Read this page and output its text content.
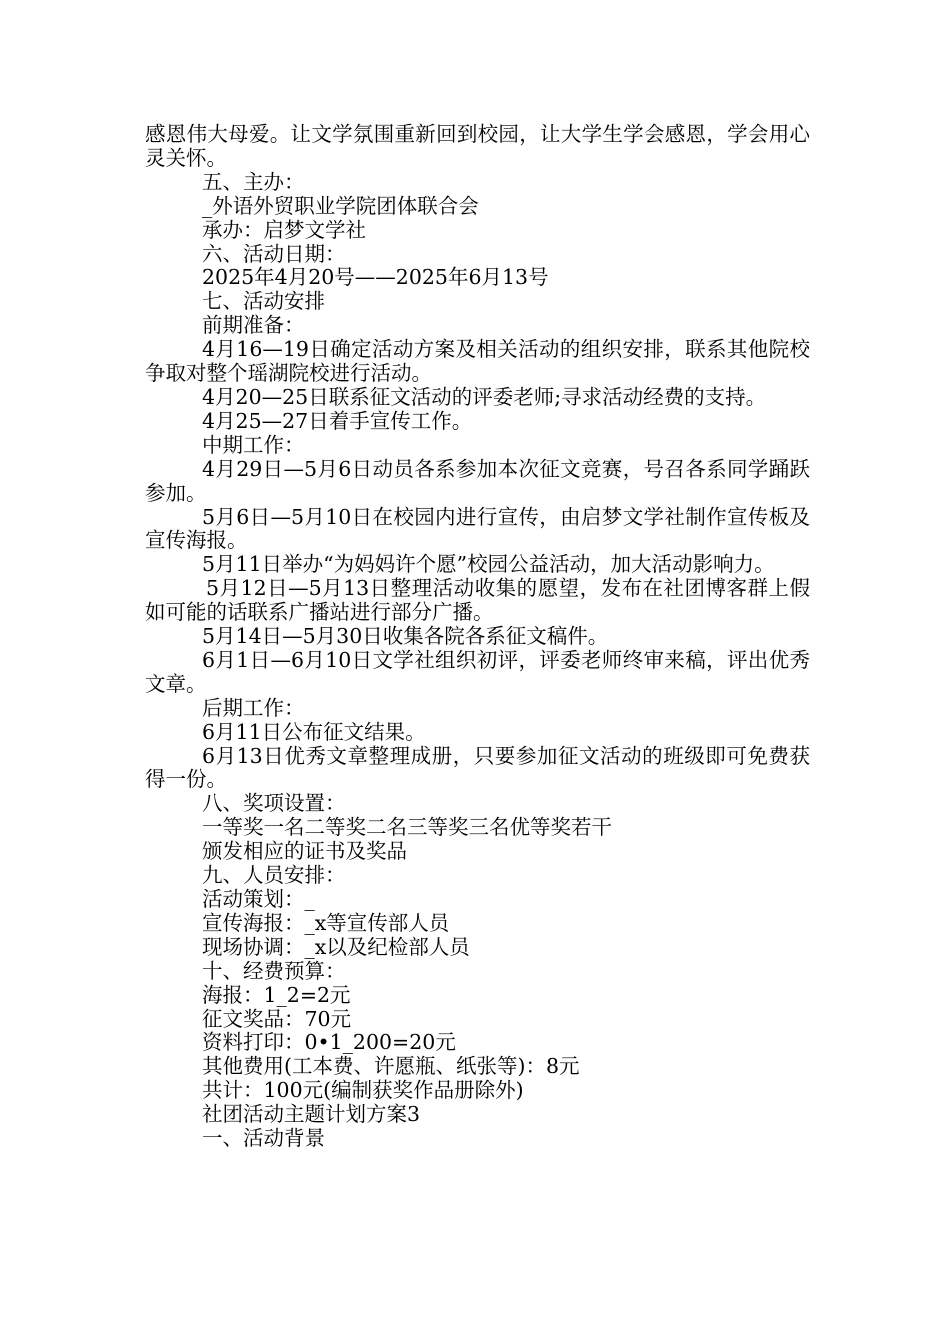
感恩伟大母爱。让文学氛围重新回到校园，让大学生学会感恩，学会用心灵关怀。

五、主办：

_外语外贸职业学院团体联合会

承办：启梦文学社

六、活动日期：

2025年4月20号——2025年6月13号

七、活动安排

前期准备：

4月16—19日确定活动方案及相关活动的组织安排，联系其他院校争取对整个瑶湖院校进行活动。

4月20—25日联系征文活动的评委老师;寻求活动经费的支持。

4月25—27日着手宣传工作。

中期工作：

4月29日—5月6日动员各系参加本次征文竞赛，号召各系同学踊跃参加。

5月6日—5月10日在校园内进行宣传，由启梦文学社制作宣传板及宣传海报。

5月11日举办“为妈妈许个愿”校园公益活动，加大活动影响力。

5月12日—5月13日整理活动收集的愿望，发布在社团博客群上假如可能的话联系广播站进行部分广播。

5月14日—5月30日收集各院各系征文稿件。

6月1日—6月10日文学社组织初评，评委老师终审来稿，评出优秀文章。

后期工作：

6月11日公布征文结果。

6月13日优秀文章整理成册，只要参加征文活动的班级即可免费获得一份。

八、奖项设置：

一等奖一名二等奖二名三等奖三名优等奖若干

颁发相应的证书及奖品

九、人员安排：

活动策划：_

宣传海报：_x等宣传部人员

现场协调：_x以及纪检部人员

十、经费预算：

海报：1_2=2元

征文奖品：70元

资料打印：0•1_200=20元

其他费用(工本费、许愿瓶、纸张等)：8元

共计：100元(编制获奖作品册除外)

社团活动主题计划方案3

一、活动背景
